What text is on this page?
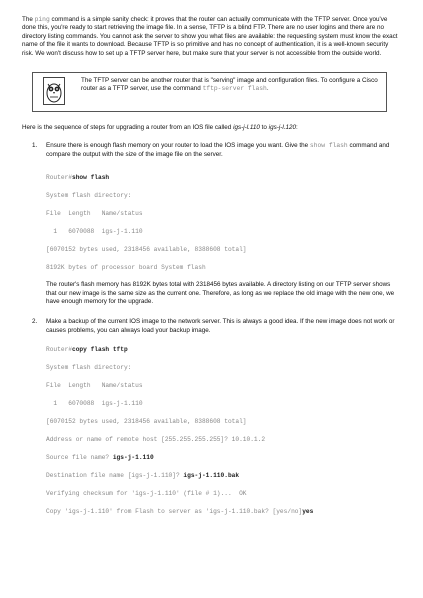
The ping command is a simple sanity check: it proves that the router can actually communicate with the TFTP server. Once you've done this, you're ready to start retrieving the image file. In a sense, TFTP is a blind FTP. There are no user logins and there are no directory listing commands. You cannot ask the server to show you what files are available: the requesting system must know the exact name of the file it wants to download. Because TFTP is so primitive and has no concept of authentication, it is a well-known security risk. We won't discuss how to set up a TFTP server here, but make sure that your server is not accessible from the outside world.

The TFTP server can be another router that is "serving" image and configuration files. To configure a Cisco router as a TFTP server, use the command tftp-server flash.

Here is the sequence of steps for upgrading a router from an IOS file called igs-j-l.110 to igs-j-l.120:

1. Ensure there is enough flash memory on your router to load the IOS image you want. Give the show flash command and compare the output with the size of the image file on the server.

Router#show flash
System flash directory:
File  Length   Name/status
1   6070088  igs-j-1.110
[6070152 bytes used, 2318456 available, 8388608 total]
8192K bytes of processor board System flash

The router's flash memory has 8192K bytes total with 2318456 bytes available. A directory listing on our TFTP server shows that our new image is the same size as the current one. Therefore, as long as we replace the old image with the new one, we have enough memory for the upgrade.

2. Make a backup of the current IOS image to the network server. This is always a good idea. If the new image does not work or causes problems, you can always load your backup image.

Router#copy flash tftp
System flash directory:
File  Length   Name/status
1   6070088  igs-j-1.110
[6070152 bytes used, 2318456 available, 8388608 total]
Address or name of remote host [255.255.255.255]? 10.10.1.2
Source file name? igs-j-1.110
Destination file name [igs-j-1.110]? igs-j-1.110.bak
Verifying checksum for 'igs-j-1.110' (file # 1)...  OK
Copy 'igs-j-1.110' from Flash to server as 'igs-j-1.110.bak? [yes/no]yes
